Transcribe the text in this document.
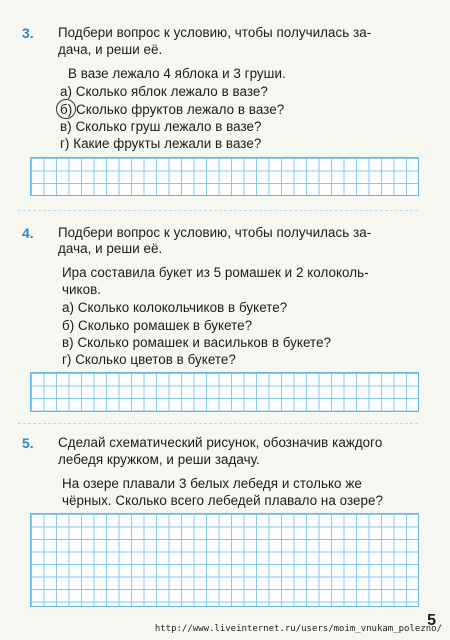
3. Подбери вопрос к условию, чтобы получилась за-
дача, и реши её.
В вазе лежало 4 яблока и 3 груши.
а) Сколько яблок лежало в вазе?
б) Сколько фруктов лежало в вазе?
в) Сколько груш лежало в вазе?
г) Какие фрукты лежали в вазе?
4. Подбери вопрос к условию, чтобы получилась за-
дача, и реши её.
Ира составила букет из 5 ромашек и 2 колоколь-
чиков.
а) Сколько колокольчиков в букете?
б) Сколько ромашек в букете?
в) Сколько ромашек и васильков в букете?
г) Сколько цветов в букете?
5. Сделай схематический рисунок, обозначив каждого
лебедя кружком, и реши задачу.
На озере плавали 3 белых лебедя и столько же
чёрных. Сколько всего лебедей плавало на озере?
5
http://www.liveinternet.ru/users/moim_vnukam_polezno/
